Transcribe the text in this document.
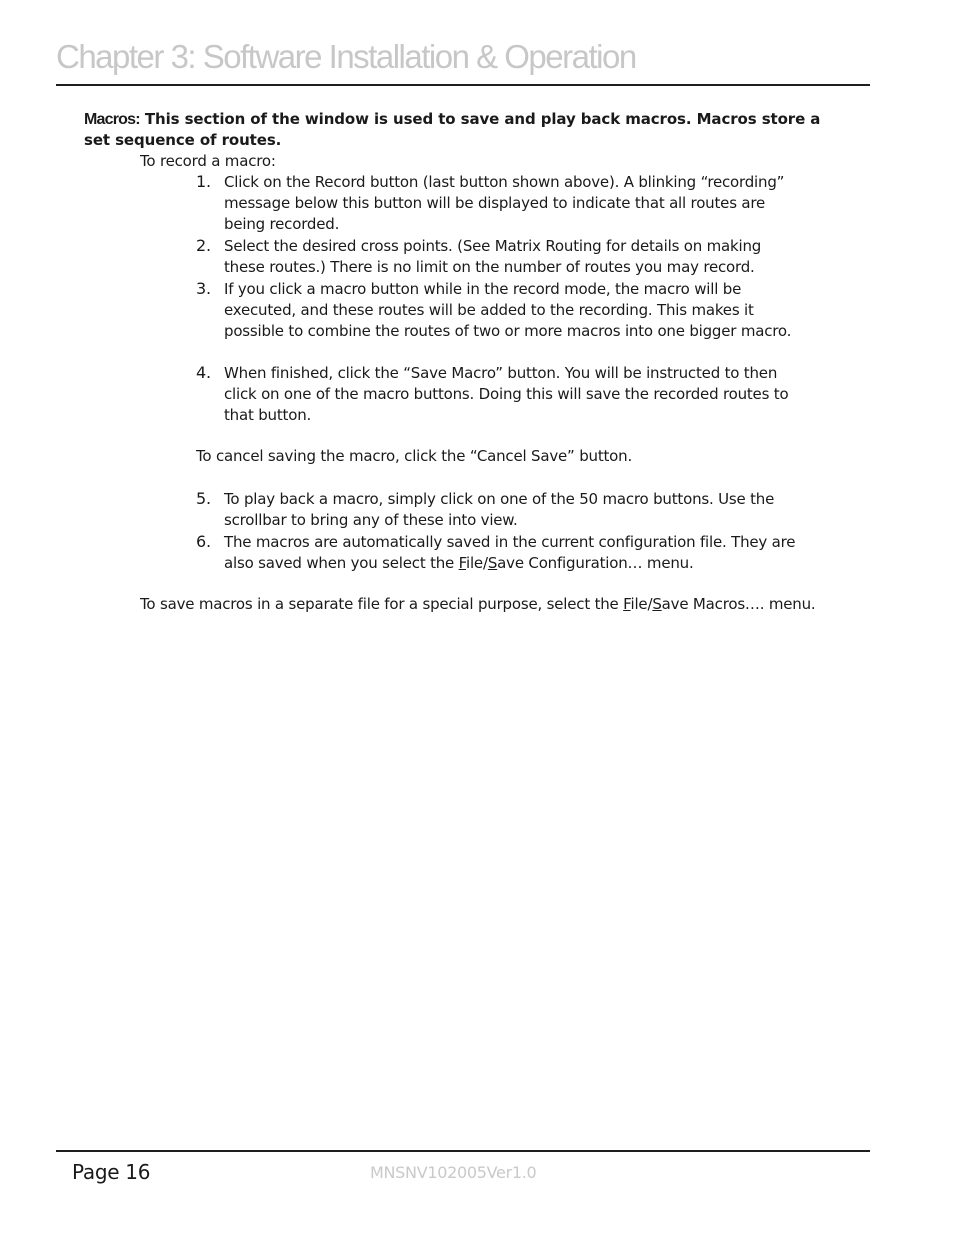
Chapter 3: Software Installation & Operation

Macros: This section of the window is used to save and play back macros. Macros store a set sequence of routes.

To record a macro:

1. Click on the Record button (last button shown above). A blinking “recording” message below this button will be displayed to indicate that all routes are being recorded.
2. Select the desired cross points. (See Matrix Routing for details on making these routes.) There is no limit on the number of routes you may record.
3. If you click a macro button while in the record mode, the macro will be executed, and these routes will be added to the recording. This makes it possible to combine the routes of two or more macros into one bigger macro.
4. When finished, click the “Save Macro” button. You will be instructed to then click on one of the macro buttons. Doing this will save the recorded routes to that button.

To cancel saving the macro, click the “Cancel Save” button.

5. To play back a macro, simply click on one of the 50 macro buttons. Use the scrollbar to bring any of these into view.
6. The macros are automatically saved in the current configuration file. They are also saved when you select the File/Save Configuration… menu.

To save macros in a separate file for a special purpose, select the File/Save Macros…. menu.

Page 16	MNSNV102005Ver1.0
